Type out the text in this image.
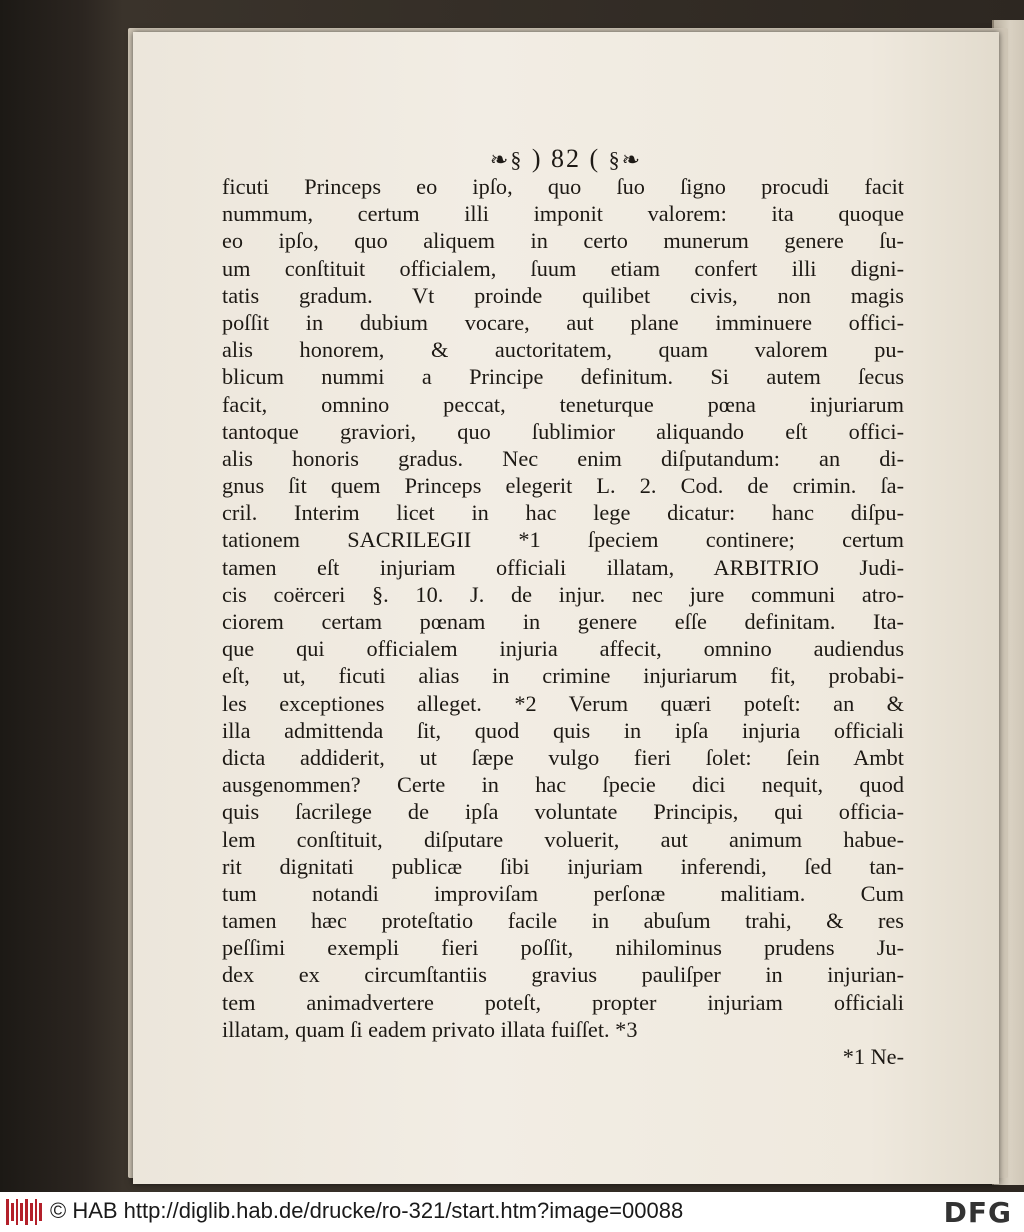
❧§ ) 82 ( §❧
ficuti Princeps eo ipſo, quo ſuo ſigno procudi facit
nummum, certum illi imponit valorem: ita quoque
eo ipſo, quo aliquem in certo munerum genere ſu-
um conſtituit officialem, ſuum etiam confert illi digni-
tatis gradum. Vt proinde quilibet civis, non magis
poſſit in dubium vocare, aut plane imminuere offici-
alis honorem, & auctoritatem, quam valorem pu-
blicum nummi a Principe definitum. Si autem ſecus
facit, omnino peccat, teneturque pœna injuriarum
tantoque graviori, quo ſublimior aliquando eſt offici-
alis honoris gradus. Nec enim diſputandum: an di-
gnus ſit quem Princeps elegerit L. 2. Cod. de crimin. ſa-
cril. Interim licet in hac lege dicatur: hanc diſpu-
tationem SACRILEGII *1 ſpeciem continere; certum
tamen eſt injuriam officiali illatam, ARBITRIO Judi-
cis coërceri §. 10. J. de injur. nec jure communi atro-
ciorem certam pœnam in genere eſſe definitam. Ita-
que qui officialem injuria affecit, omnino audiendus
eſt, ut, ficuti alias in crimine injuriarum fit, probabi-
les exceptiones alleget. *2 Verum quæri poteſt: an &
illa admittenda ſit, quod quis in ipſa injuria officiali
dicta addiderit, ut ſæpe vulgo fieri ſolet: ſein Ambt
ausgenommen? Certe in hac ſpecie dici nequit, quod
quis ſacrilege de ipſa voluntate Principis, qui officia-
lem conſtituit, diſputare voluerit, aut animum habue-
rit dignitati publicæ ſibi injuriam inferendi, ſed tan-
tum notandi improviſam perſonæ malitiam. Cum
tamen hæc proteſtatio facile in abuſum trahi, & res
peſſimi exempli fieri poſſit, nihilominus prudens Ju-
dex ex circumſtantiis gravius pauliſper in injurian-
tem animadvertere poteſt, propter injuriam officiali
illatam, quam ſi eadem privato illata fuiſſet. *3
*1 Ne-
© HAB http://diglib.hab.de/drucke/ro-321/start.htm?image=00088	DFG
